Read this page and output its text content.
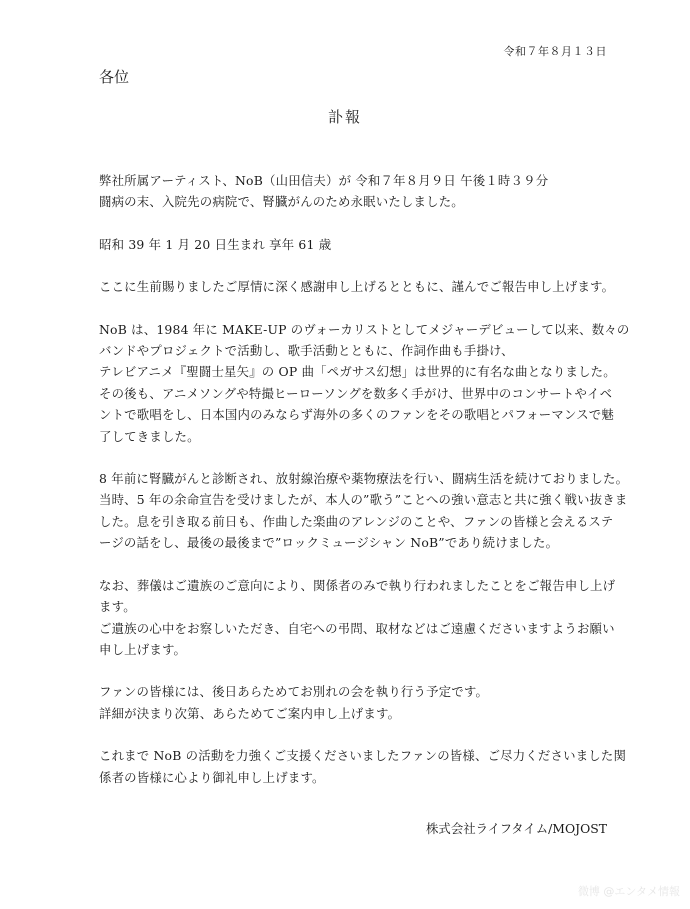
令和７年８月１３日
各位
訃報
弊社所属アーティスト、NoB（山田信夫）が 令和７年８月９日 午後１時３９分
闘病の末、入院先の病院で、腎臓がんのため永眠いたしました。
昭和 39 年 1 月 20 日生まれ 享年 61 歳
ここに生前賜りましたご厚情に深く感謝申し上げるとともに、謹んでご報告申し上げます。
NoB は、1984 年に MAKE-UP のヴォーカリストとしてメジャーデビューして以来、数々の
バンドやプロジェクトで活動し、歌手活動とともに、作詞作曲も手掛け、
テレビアニメ『聖闘士星矢』の OP 曲「ペガサス幻想」は世界的に有名な曲となりました。
その後も、アニメソングや特撮ヒーローソングを数多く手がけ、世界中のコンサートやイベ
ントで歌唱をし、日本国内のみならず海外の多くのファンをその歌唱とパフォーマンスで魅
了してきました。
8 年前に腎臓がんと診断され、放射線治療や薬物療法を行い、闘病生活を続けておりました。
当時、5 年の余命宣告を受けましたが、本人の”歌う”ことへの強い意志と共に強く戦い抜きま
した。息を引き取る前日も、作曲した楽曲のアレンジのことや、ファンの皆様と会えるステ
ージの話をし、最後の最後まで”ロックミュージシャン NoB”であり続けました。
なお、葬儀はご遺族のご意向により、関係者のみで執り行われましたことをご報告申し上げ
ます。
ご遺族の心中をお察しいただき、自宅への弔問、取材などはご遠慮くださいますようお願い
申し上げます。
ファンの皆様には、後日あらためてお別れの会を執り行う予定です。
詳細が決まり次第、あらためてご案内申し上げます。
これまで NoB の活動を力強くご支援くださいましたファンの皆様、ご尽力くださいました関
係者の皆様に心より御礼申し上げます。
株式会社ライフタイム/MOJOST
微博 @エンタメ情報
